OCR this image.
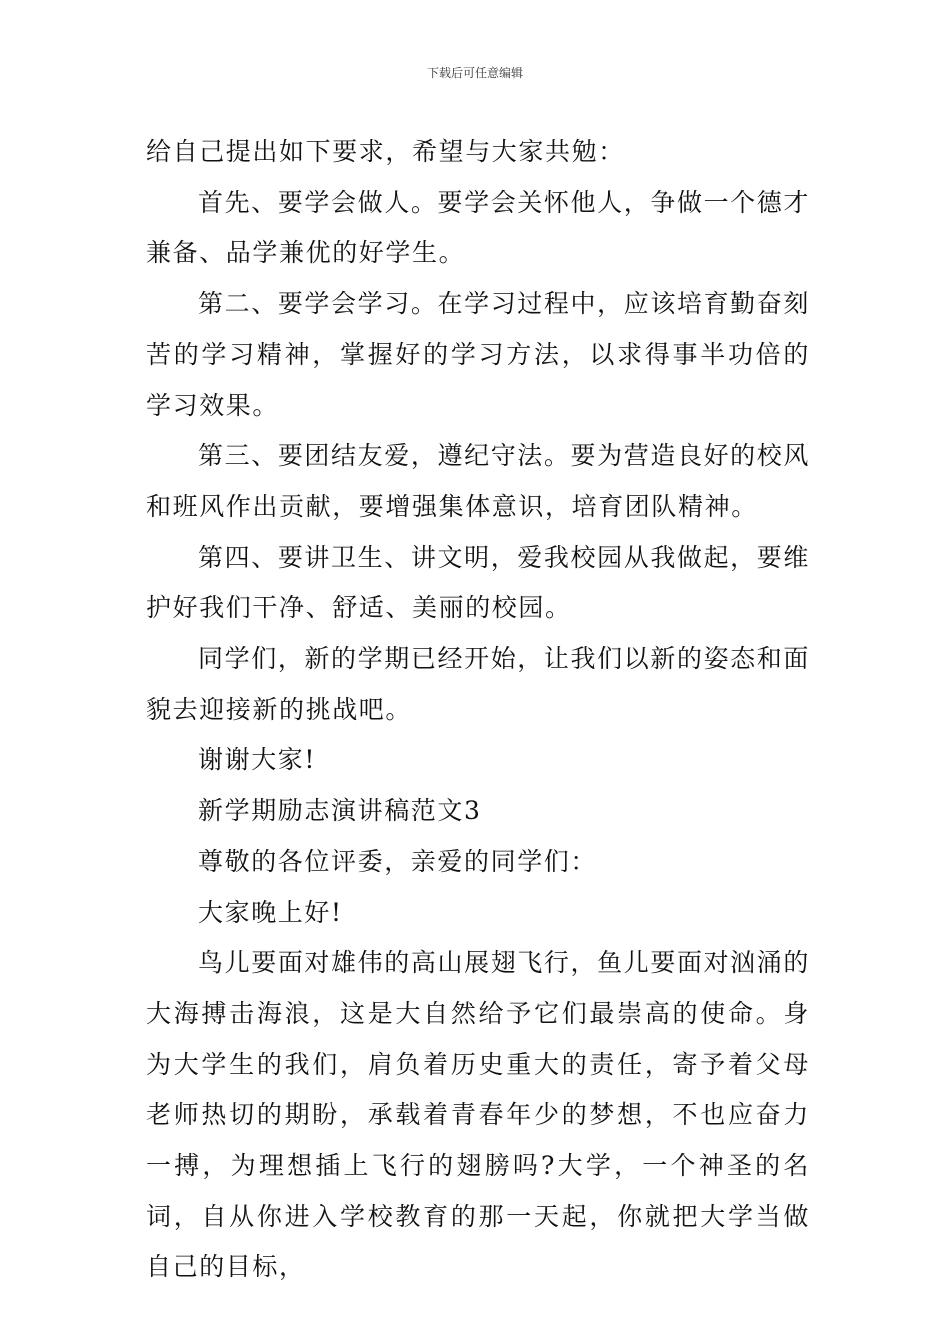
下载后可任意编辑

给自己提出如下要求，希望与大家共勉：

首先、要学会做人。要学会关怀他人，争做一个德才兼备、品学兼优的好学生。

第二、要学会学习。在学习过程中，应该培育勤奋刻苦的学习精神，掌握好的学习方法，以求得事半功倍的学习效果。

第三、要团结友爱，遵纪守法。要为营造良好的校风和班风作出贡献，要增强集体意识，培育团队精神。

第四、要讲卫生、讲文明，爱我校园从我做起，要维护好我们干净、舒适、美丽的校园。

同学们，新的学期已经开始，让我们以新的姿态和面貌去迎接新的挑战吧。

谢谢大家!

新学期励志演讲稿范文3

尊敬的各位评委，亲爱的同学们：

大家晚上好!

鸟儿要面对雄伟的高山展翅飞行，鱼儿要面对汹涌的大海搏击海浪，这是大自然给予它们最崇高的使命。身为大学生的我们，肩负着历史重大的责任，寄予着父母老师热切的期盼，承载着青春年少的梦想，不也应奋力一搏，为理想插上飞行的翅膀吗?大学，一个神圣的名词，自从你进入学校教育的那一天起，你就把大学当做自己的目标，
